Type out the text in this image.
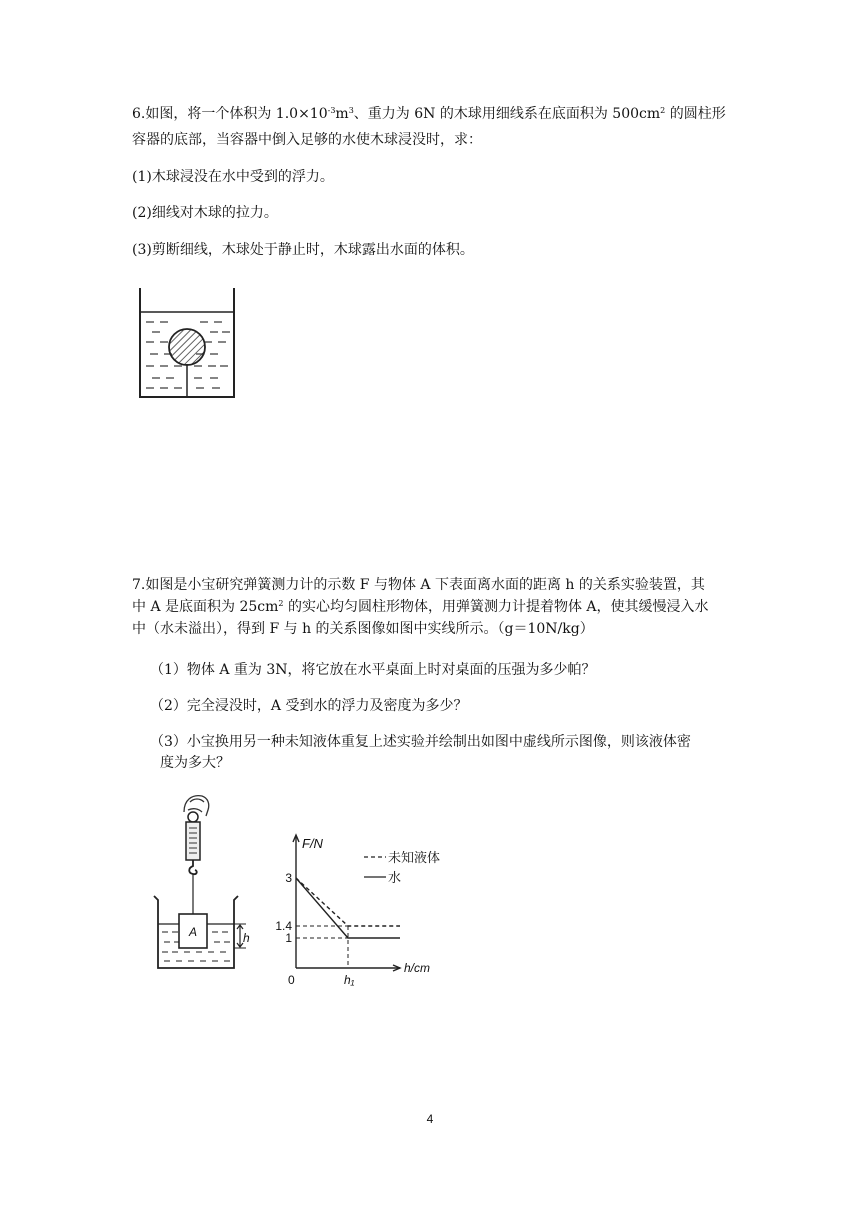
6.如图，将一个体积为 $1.0\times 10^{-3}m^3$、重力为 6N 的木球用细线系在底面积为 $500cm^2$ 的圆柱形

容器的底部，当容器中倒入足够的水使木球浸没时，求：

(1)木球浸没在水中受到的浮力。

(2)细线对木球的拉力。

(3)剪断细线，木球处于静止时，木球露出水面的体积。

7.如图是小宝研究弹簧测力计的示数 F 与物体 A 下表面离水面的距离 h 的关系实验装置，其

中 A 是底面积为 $25cm^2$ 的实心均匀圆柱形物体，用弹簧测力计提着物体 A，使其缓慢浸入水

中（水未溢出），得到 F 与 h 的关系图像如图中实线所示。（g＝10N/kg）

（1）物体 A 重为 3N，将它放在水平桌面上时对桌面的压强为多少帕？

（2）完全浸没时，A 受到水的浮力及密度为多少？

（3）小宝换用另一种未知液体重复上述实验并绘制出如图中虚线所示图像，则该液体密

度为多大？

A	h
F/N
h/cm
0	h₁
3
1.4
1
未知液体
水
4
